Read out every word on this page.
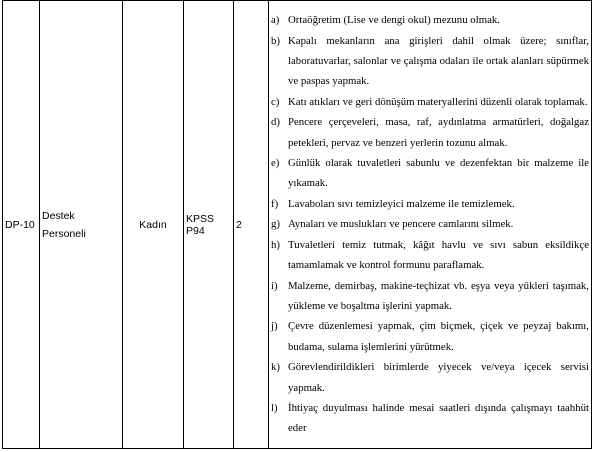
DP-10	Destek Personeli	Kadın	KPSS P94	2	
a) Ortaöğretim (Lise ve dengi okul) mezunu olmak.
b) Kapalı mekanların ana girişleri dahil olmak üzere; sınıflar, laboratuvarlar, salonlar ve çalışma odaları ile ortak alanları süpürmek ve paspas yapmak.
c) Katı atıkları ve geri dönüşüm materyallerini düzenli olarak toplamak.
d) Pencere çerçeveleri, masa, raf, aydınlatma armatürleri, doğalgaz petekleri, pervaz ve benzeri yerlerin tozunu almak.
e) Günlük olarak tuvaletleri sabunlu ve dezenfektan bir malzeme ile yıkamak.
f) Lavaboları sıvı temizleyici malzeme ile temizlemek.
g) Aynaları ve muslukları ve pencere camlarını silmek.
h) Tuvaletleri temiz tutmak, kâğıt havlu ve sıvı sabun eksildikçe tamamlamak ve kontrol formunu paraflamak.
i) Malzeme, demirbaş, makine-teçhizat vb. eşya veya yükleri taşımak, yükleme ve boşaltma işlerini yapmak.
j) Çevre düzenlemesi yapmak, çim biçmek, çiçek ve peyzaj bakımı, budama, sulama işlemlerini yürütmek.
k) Görevlendirildikleri birimlerde yiyecek ve/veya içecek servisi yapmak.
l) İhtiyaç duyulması halinde mesai saatleri dışında çalışmayı taahhüt eder
